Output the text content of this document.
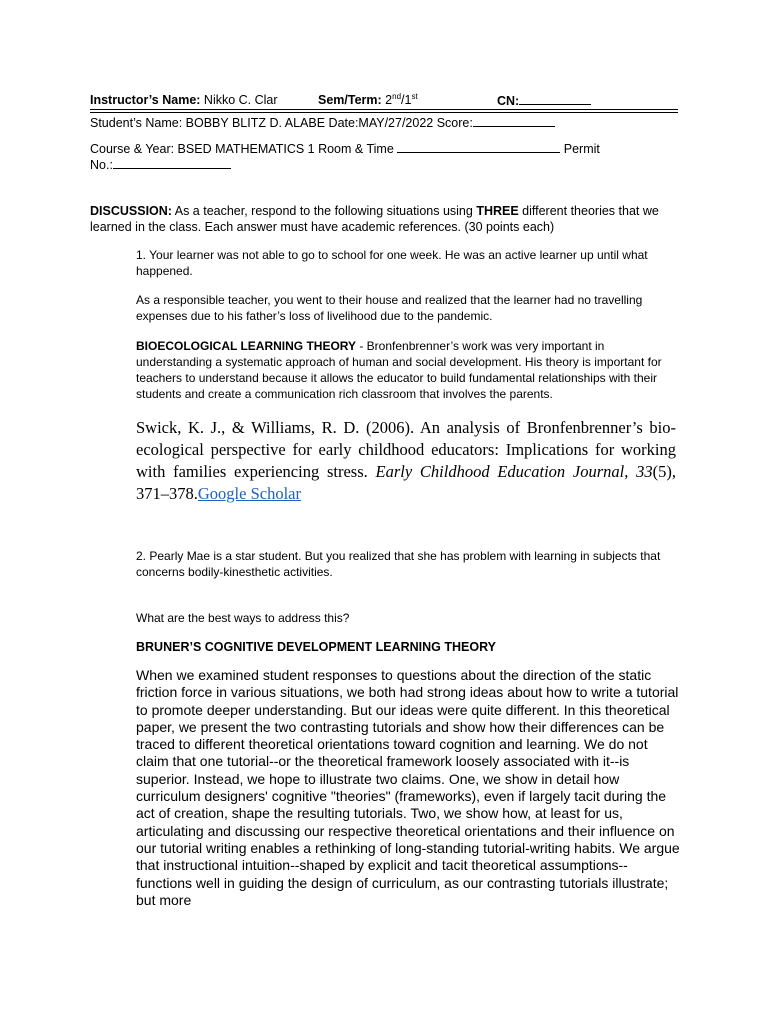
Instructor’s Name: Nikko C. Clar	Sem/Term: 2nd/1st	CN:
Student’s Name: BOBBY BLITZ D. ALABE Date:MAY/27/2022 Score:
Course & Year: BSED MATHEMATICS 1 Room & Time	Permit
No.:
DISCUSSION: As a teacher, respond to the following situations using THREE different theories that we learned in the class. Each answer must have academic references. (30 points each)
1. Your learner was not able to go to school for one week. He was an active learner up until what happened.
As a responsible teacher, you went to their house and realized that the learner had no travelling expenses due to his father’s loss of livelihood due to the pandemic.
BIOECOLOGICAL LEARNING THEORY - Bronfenbrenner’s work was very important in understanding a systematic approach of human and social development. His theory is important for teachers to understand because it allows the educator to build fundamental relationships with their students and create a communication rich classroom that involves the parents.
Swick, K. J., & Williams, R. D. (2006). An analysis of Bronfenbrenner’s bio-ecological perspective for early childhood educators: Implications for working with families experiencing stress. Early Childhood Education Journal, 33(5), 371–378.Google Scholar
2. Pearly Mae is a star student. But you realized that she has problem with learning in subjects that concerns bodily-kinesthetic activities.
What are the best ways to address this?
BRUNER’S COGNITIVE DEVELOPMENT LEARNING THEORY
When we examined student responses to questions about the direction of the static friction force in various situations, we both had strong ideas about how to write a tutorial to promote deeper understanding. But our ideas were quite different. In this theoretical paper, we present the two contrasting tutorials and show how their differences can be traced to different theoretical orientations toward cognition and learning. We do not claim that one tutorial--or the theoretical framework loosely associated with it--is superior. Instead, we hope to illustrate two claims. One, we show in detail how curriculum designers' cognitive "theories" (frameworks), even if largely tacit during the act of creation, shape the resulting tutorials. Two, we show how, at least for us, articulating and discussing our respective theoretical orientations and their influence on our tutorial writing enables a rethinking of long-standing tutorial-writing habits. We argue that instructional intuition--shaped by explicit and tacit theoretical assumptions--functions well in guiding the design of curriculum, as our contrasting tutorials illustrate; but more
